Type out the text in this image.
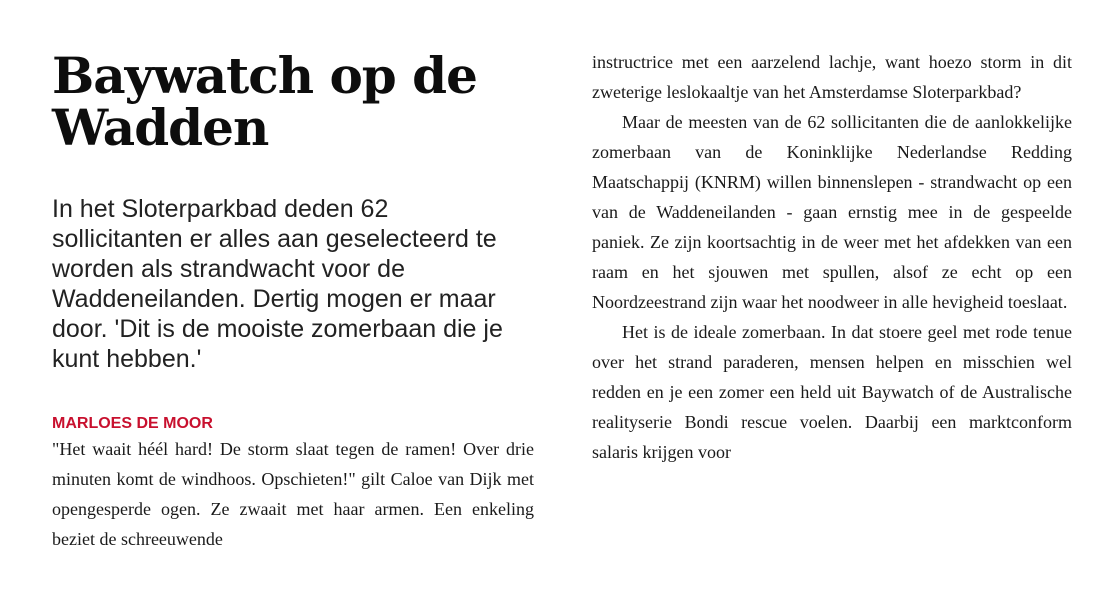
Baywatch op de Wadden

In het Sloterparkbad deden 62 sollicitanten er alles aan geselecteerd te worden als strandwacht voor de Waddeneilanden. Dertig mogen er maar door. 'Dit is de mooiste zomerbaan die je kunt hebben.'

MARLOES DE MOOR

"Het waait héél hard! De storm slaat tegen de ramen! Over drie minuten komt de windhoos. Opschieten!" gilt Caloe van Dijk met opengesperde ogen. Ze zwaait met haar armen. Een enkeling beziet de schreeuwende

instructrice met een aarzelend lachje, want hoezo storm in dit zweterige leslokaaltje van het Amsterdamse Sloterparkbad?

Maar de meesten van de 62 sollicitanten die de aanlokkelijke zomerbaan van de Koninklijke Nederlandse Redding Maatschappij (KNRM) willen binnenslepen - strandwacht op een van de Waddeneilanden - gaan ernstig mee in de gespeelde paniek. Ze zijn koortsachtig in de weer met het afdekken van een raam en het sjouwen met spullen, alsof ze echt op een Noordzeestrand zijn waar het noodweer in alle hevigheid toeslaat.

Het is de ideale zomerbaan. In dat stoere geel met rode tenue over het strand paraderen, mensen helpen en misschien wel redden en je een zomer een held uit Baywatch of de Australische realityserie Bondi rescue voelen. Daarbij een marktconform salaris krijgen voor
